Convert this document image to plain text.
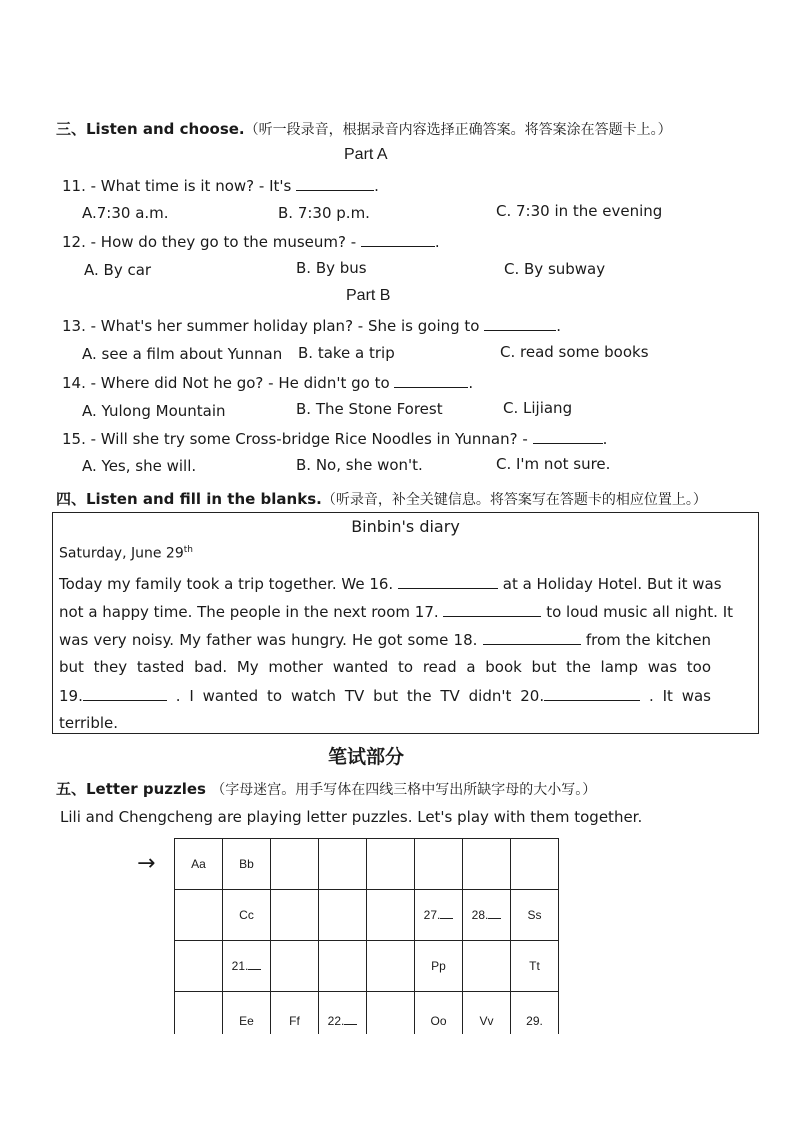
三、Listen and choose.（听一段录音，根据录音内容选择正确答案。将答案涂在答题卡上。）
Part A
11. - What time is it now? - It's	.
A.7:30 a.m.	B. 7:30 p.m.	C. 7:30 in the evening
12. - How do they go to the museum? -	.
A. By car	B. By bus	C. By subway
Part B
13. - What's her summer holiday plan? - She is going to	.
A. see a film about Yunnan B. take a trip	C. read some books
14. - Where did Not he go? - He didn't go to	.
A. Yulong Mountain	B. The Stone Forest	C. Lijiang
15. - Will she try some Cross-bridge Rice Noodles in Yunnan? -	.
A. Yes, she will.	B. No, she won't.	C. I'm not sure.
四、Listen and fill in the blanks.（听录音，补全关键信息。将答案写在答题卡的相应位置上。）
Binbin's diary
Saturday, June 29th
Today my family took a trip together. We 16.	at a Holiday Hotel. But it was
not a happy time. The people in the next room 17.	to loud music all night. It
was very noisy. My father was hungry. He got some 18.	from the kitchen
but they tasted bad. My mother wanted to read a book but the lamp was too
19.	. I wanted to watch TV but the TV didn't 20.	. It was
terrible.
笔试部分
五、Letter puzzles （字母迷宫。用手写体在四线三格中写出所缺字母的大小写。）
Lili and Chengcheng are playing letter puzzles. Let's play with them together.
→	Aa	Bb						
	Cc				27.	28.	Ss
	21.				Pp		Tt
	Ee	Ff	22.		Oo	Vv	29.
